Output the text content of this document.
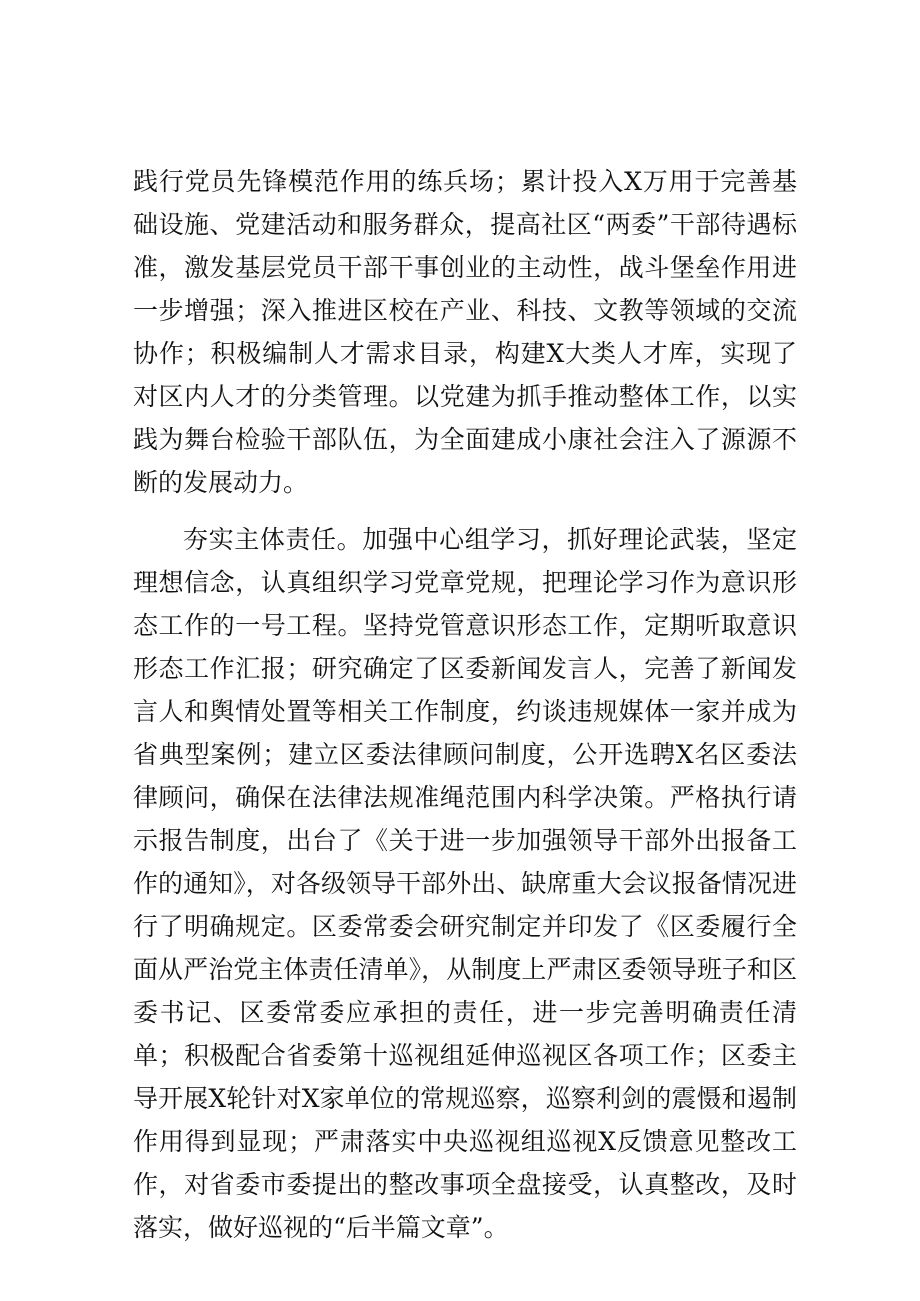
践行党员先锋模范作用的练兵场；累计投入X万用于完善基础设施、党建活动和服务群众，提高社区“两委”干部待遇标准，激发基层党员干部干事创业的主动性，战斗堡垒作用进一步增强；深入推进区校在产业、科技、文教等领域的交流协作；积极编制人才需求目录，构建X大类人才库，实现了对区内人才的分类管理。以党建为抓手推动整体工作，以实践为舞台检验干部队伍，为全面建成小康社会注入了源源不断的发展动力。

夯实主体责任。加强中心组学习，抓好理论武装，坚定理想信念，认真组织学习党章党规，把理论学习作为意识形态工作的一号工程。坚持党管意识形态工作，定期听取意识形态工作汇报；研究确定了区委新闻发言人，完善了新闻发言人和舆情处置等相关工作制度，约谈违规媒体一家并成为省典型案例；建立区委法律顾问制度，公开选聘X名区委法律顾问，确保在法律法规准绳范围内科学决策。严格执行请示报告制度，出台了《关于进一步加强领导干部外出报备工作的通知》，对各级领导干部外出、缺席重大会议报备情况进行了明确规定。区委常委会研究制定并印发了《区委履行全面从严治党主体责任清单》，从制度上严肃区委领导班子和区委书记、区委常委应承担的责任，进一步完善明确责任清单；积极配合省委第十巡视组延伸巡视区各项工作；区委主导开展X轮针对X家单位的常规巡察，巡察利剑的震慑和遏制作用得到显现；严肃落实中央巡视组巡视X反馈意见整改工作，对省委市委提出的整改事项全盘接受，认真整改，及时落实，做好巡视的“后半篇文章”。
